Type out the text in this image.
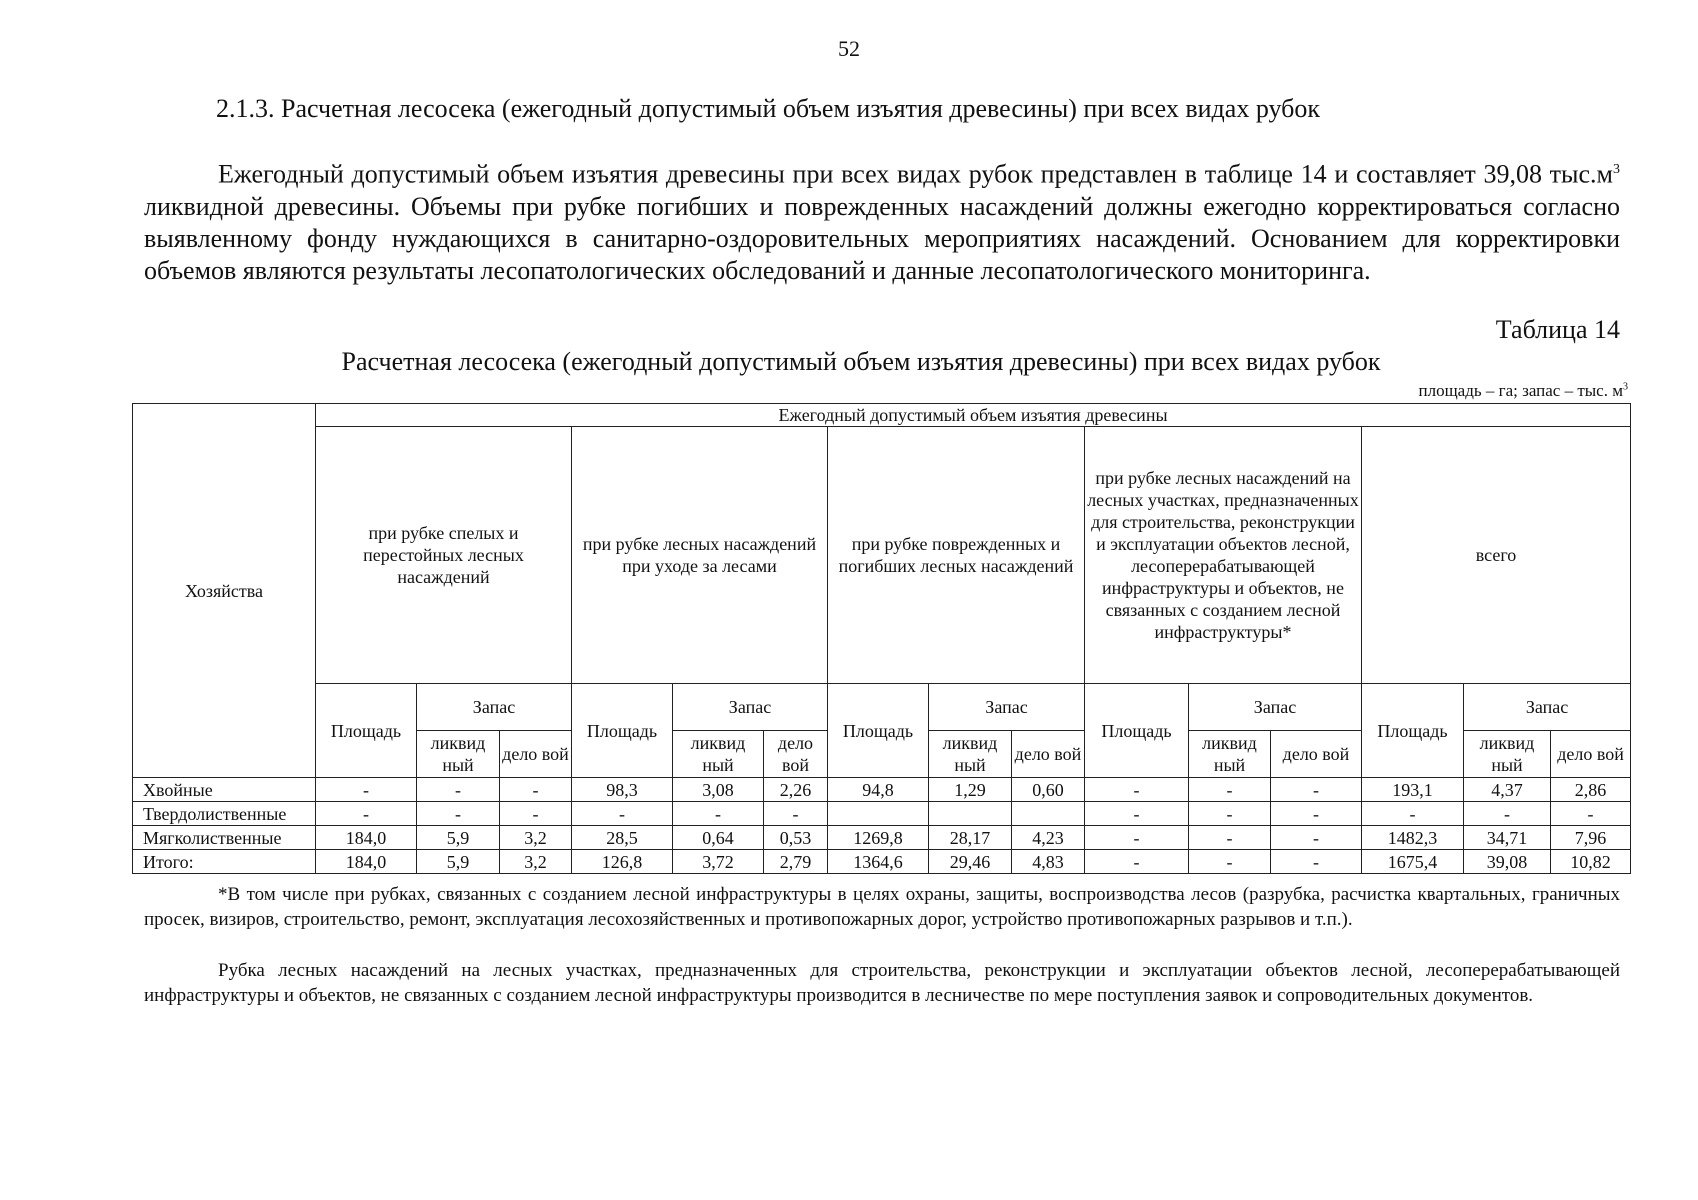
52
2.1.3. Расчетная лесосека (ежегодный допустимый объем изъятия древесины) при всех видах рубок

Ежегодный допустимый объем изъятия древесины при всех видах рубок представлен в таблице 14 и составляет 39,08 $тыс.м^3$ ликвидной древесины. Объемы при рубке погибших и поврежденных насаждений должны ежегодно корректироваться согласно выявленному фонду нуждающихся в санитарно-оздоровительных мероприятиях насаждений. Основанием для корректировки объемов являются результаты лесопатологических обследований и данные лесопатологического мониторинга.

Таблица 14
Расчетная лесосека (ежегодный допустимый объем изъятия древесины) при всех видах рубок
площадь – га; запас – тыс. $м^3$
Хозяйства	Ежегодный допустимый объем изъятия древесины														
	при рубке спелых и перестойных лесных насаждений			при рубке лесных насаждений при уходе за лесами			при рубке поврежденных и погибших лесных насаждений			при рубке лесных насаждений на лесных участках, предназначенных для строительства, реконструкции и эксплуатации объектов лесной, лесоперерабатывающей инфраструктуры и объектов, не связанных с созданием лесной инфраструктуры*			всего		
	Площадь	Запас		Площадь	Запас		Площадь	Запас		Площадь	Запас		Площадь	Запас	
		ликвид ный	дело вой		ликвид ный	дело вой		ликвид ный	дело вой		ликвид ный	дело вой		ликвид ный	дело вой
Хвойные	-	-	-	98,3	3,08	2,26	94,8	1,29	0,60	-	-	-	193,1	4,37	2,86
Твердолиственные	-	-	-	-	-	-				-	-	-	-	-	-
Мягколиственные	184,0	5,9	3,2	28,5	0,64	0,53	1269,8	28,17	4,23	-	-	-	1482,3	34,71	7,96
Итого:	184,0	5,9	3,2	126,8	3,72	2,79	1364,6	29,46	4,83	-	-	-	1675,4	39,08	10,82

*В том числе при рубках, связанных с созданием лесной инфраструктуры в целях охраны, защиты, воспроизводства лесов (разрубка, расчистка квартальных, граничных просек, визиров, строительство, ремонт, эксплуатация лесохозяйственных и противопожарных дорог, устройство противопожарных разрывов и т.п.).

Рубка лесных насаждений на лесных участках, предназначенных для строительства, реконструкции и эксплуатации объектов лесной, лесоперерабатывающей инфраструктуры и объектов, не связанных с созданием лесной инфраструктуры производится в лесничестве по мере поступления заявок и сопроводительных документов.
